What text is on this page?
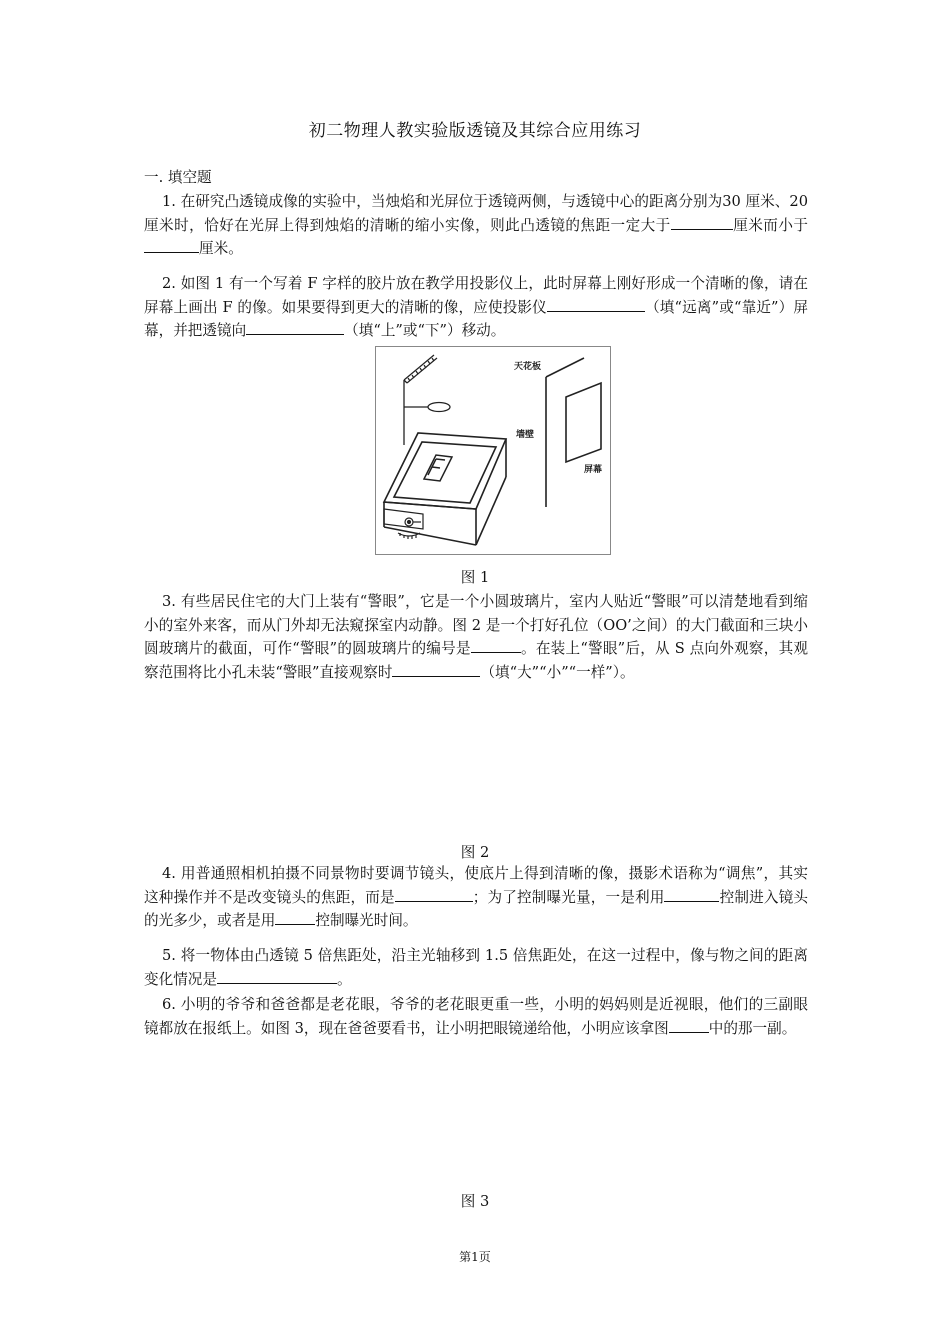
初二物理人教实验版透镜及其综合应用练习
一. 填空题
1. 在研究凸透镜成像的实验中，当烛焰和光屏位于透镜两侧，与透镜中心的距离分别为30 厘米、20 厘米时，恰好在光屏上得到烛焰的清晰的缩小实像，则此凸透镜的焦距一定大于	厘米而小于厘米。
2. 如图 1 有一个写着 F 字样的胶片放在教学用投影仪上，此时屏幕上刚好形成一个清晰的像，请在屏幕上画出 F 的像。如果要得到更大的清晰的像，应使投影仪	（填“远离”或“靠近”）屏幕，并把透镜向	（填“上”或“下”）移动。
天花板
墙壁
屏幕
图 1
3. 有些居民住宅的大门上装有“警眼”，它是一个小圆玻璃片，室内人贴近“警眼”可以清楚地看到缩小的室外来客，而从门外却无法窥探室内动静。图 2 是一个打好孔位（OO’之间）的大门截面和三块小圆玻璃片的截面，可作“警眼”的圆玻璃片的编号是	。在装上“警眼”后，从 S 点向外观察，其观察范围将比小孔未装“警眼”直接观察时	（填“大”“小”“一样”）。
图 2
4. 用普通照相机拍摄不同景物时要调节镜头，使底片上得到清晰的像，摄影术语称为“调焦”，其实这种操作并不是改变镜头的焦距，而是	；为了控制曝光量，一是利用	控制进入镜头的光多少，或者是用	控制曝光时间。
5. 将一物体由凸透镜 5 倍焦距处，沿主光轴移到 1.5 倍焦距处，在这一过程中，像与物之间的距离变化情况是	。
6. 小明的爷爷和爸爸都是老花眼，爷爷的老花眼更重一些，小明的妈妈则是近视眼，他们的三副眼镜都放在报纸上。如图 3，现在爸爸要看书，让小明把眼镜递给他，小明应该拿图	中的那一副。
图 3
第1页
